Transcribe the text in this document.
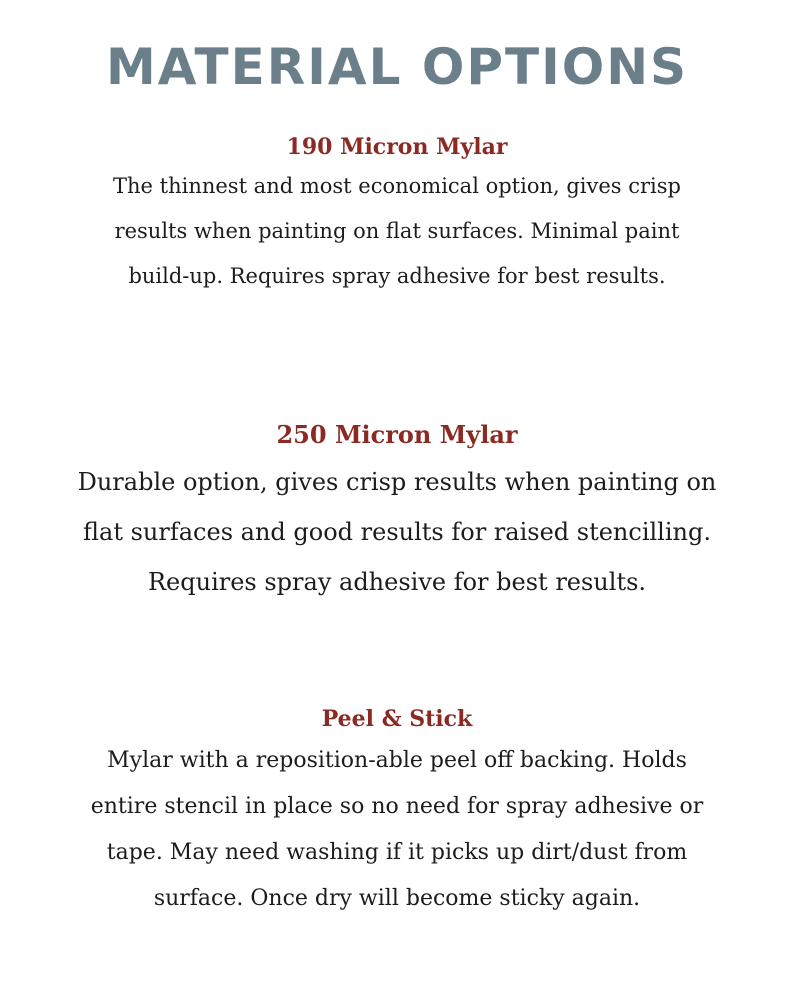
MATERIAL OPTIONS
190 Micron Mylar

The thinnest and most economical option, gives crisp results when painting on flat surfaces. Minimal paint build-up. Requires spray adhesive for best results.

250 Micron Mylar

Durable option, gives crisp results when painting on flat surfaces and good results for raised stencilling. Requires spray adhesive for best results.

Peel & Stick

Mylar with a reposition-able peel off backing. Holds entire stencil in place so no need for spray adhesive or tape. May need washing if it picks up dirt/dust from surface. Once dry will become sticky again.
